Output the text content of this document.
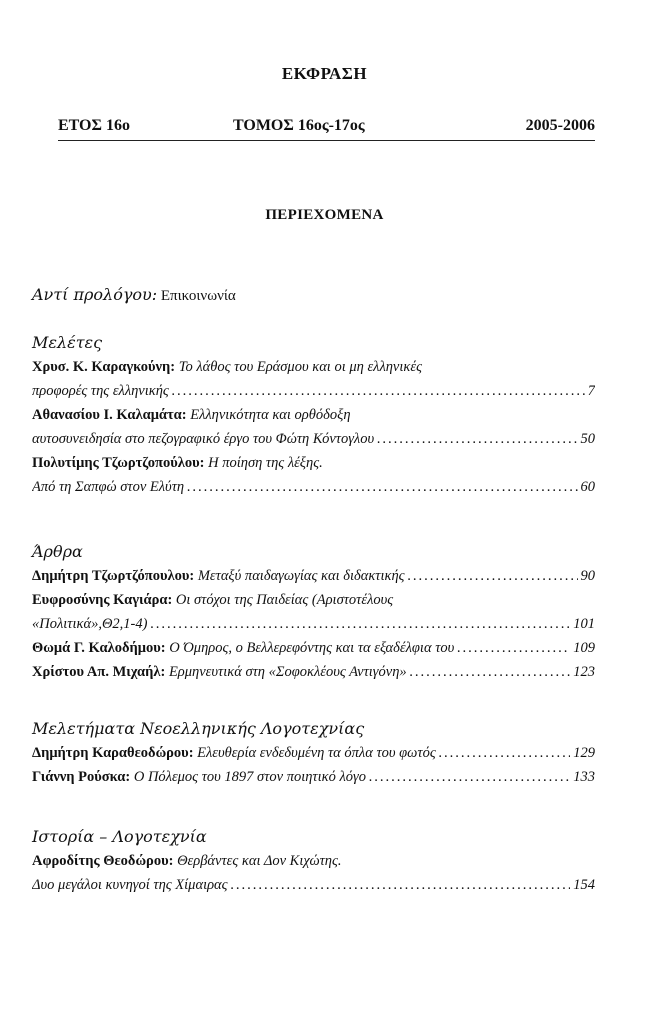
ΕΚΦΡΑΣΗ
ΕΤΟΣ 16ο	ΤΟΜΟΣ 16ος-17ος	2005-2006
ΠΕΡΙΕΧΟΜΕΝΑ
Αντί προλόγου: Επικοινωνία
Μελέτες
Χρυσ. Κ. Καραγκούνη: Το λάθος του Εράσμου και οι μη ελληνικές
προφορές της ελληνικής .....	7
Αθανασίου Ι. Καλαμάτα: Ελληνικότητα και ορθόδοξη
αυτοσυνειδησία στο πεζογραφικό έργο του Φώτη Κόντογλου .....	50
Πολυτίμης Τζωρτζοπούλου: Η ποίηση της λέξης.
Από τη Σαπφώ στον Ελύτη .....	60
Άρθρα
Δημήτρη Τζωρτζόπουλου: Μεταξύ παιδαγωγίας και διδακτικής .....	90
Ευφροσύνης Καγιάρα: Οι στόχοι της Παιδείας (Αριστοτέλους
«Πολιτικά»,Θ2,1-4) .....	101
Θωμά Γ. Καλοδήμου: Ο Όμηρος, ο Βελλερεφόντης και τα εξαδέλφια του .....	109
Χρίστου Απ. Μιχαήλ: Ερμηνευτικά στη «Σοφοκλέους Αντιγόνη» .....	123
Μελετήματα Νεοελληνικής Λογοτεχνίας
Δημήτρη Καραθεοδώρου: Ελευθερία ενδεδυμένη τα όπλα του φωτός .....	129
Γιάννη Ρούσκα: Ο Πόλεμος του 1897 στον ποιητικό λόγο .....	133
Ιστορία – Λογοτεχνία
Αφροδίτης Θεοδώρου: Θερβάντες και Δον Κιχώτης.
Δυο μεγάλοι κυνηγοί της Χίμαιρας .....	154
